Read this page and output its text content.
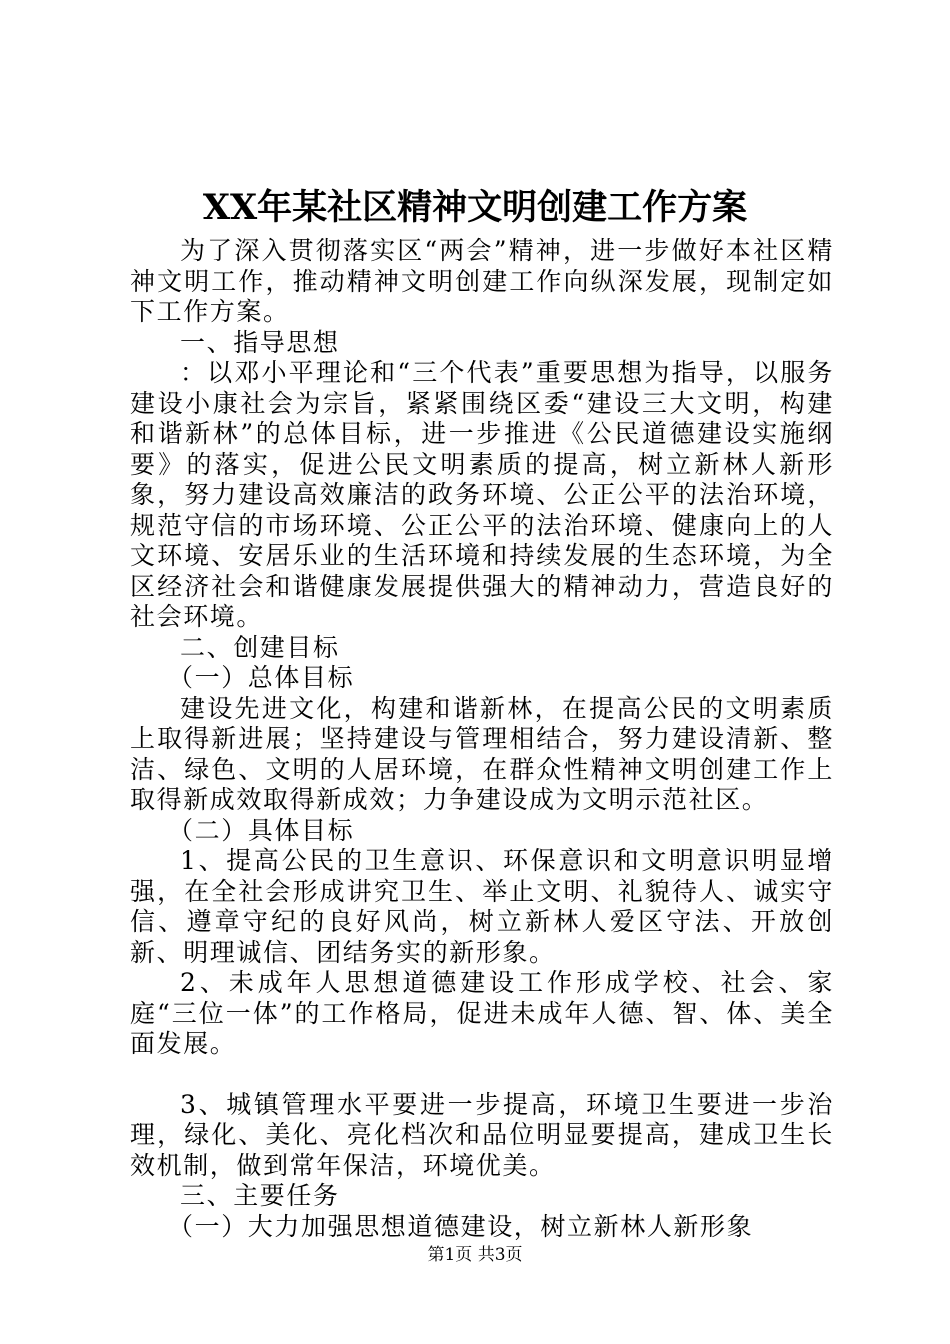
XX年某社区精神文明创建工作方案

为了深入贯彻落实区“两会”精神，进一步做好本社区精神文明工作，推动精神文明创建工作向纵深发展，现制定如下工作方案。

一、指导思想

：以邓小平理论和“三个代表”重要思想为指导，以服务建设小康社会为宗旨，紧紧围绕区委“建设三大文明，构建和谐新林”的总体目标，进一步推进《公民道德建设实施纲要》的落实，促进公民文明素质的提高，树立新林人新形象，努力建设高效廉洁的政务环境、公正公平的法治环境，规范守信的市场环境、公正公平的法治环境、健康向上的人文环境、安居乐业的生活环境和持续发展的生态环境，为全区经济社会和谐健康发展提供强大的精神动力，营造良好的社会环境。

二、创建目标

（一）总体目标

建设先进文化，构建和谐新林，在提高公民的文明素质上取得新进展；坚持建设与管理相结合，努力建设清新、整洁、绿色、文明的人居环境，在群众性精神文明创建工作上取得新成效取得新成效；力争建设成为文明示范社区。

（二）具体目标

1、提高公民的卫生意识、环保意识和文明意识明显增强，在全社会形成讲究卫生、举止文明、礼貌待人、诚实守信、遵章守纪的良好风尚，树立新林人爱区守法、开放创新、明理诚信、团结务实的新形象。

2、未成年人思想道德建设工作形成学校、社会、家庭“三位一体”的工作格局，促进未成年人德、智、体、美全面发展。

3、城镇管理水平要进一步提高，环境卫生要进一步治理，绿化、美化、亮化档次和品位明显要提高，建成卫生长效机制，做到常年保洁，环境优美。

三、主要任务

（一）大力加强思想道德建设，树立新林人新形象

第1页 共3页
